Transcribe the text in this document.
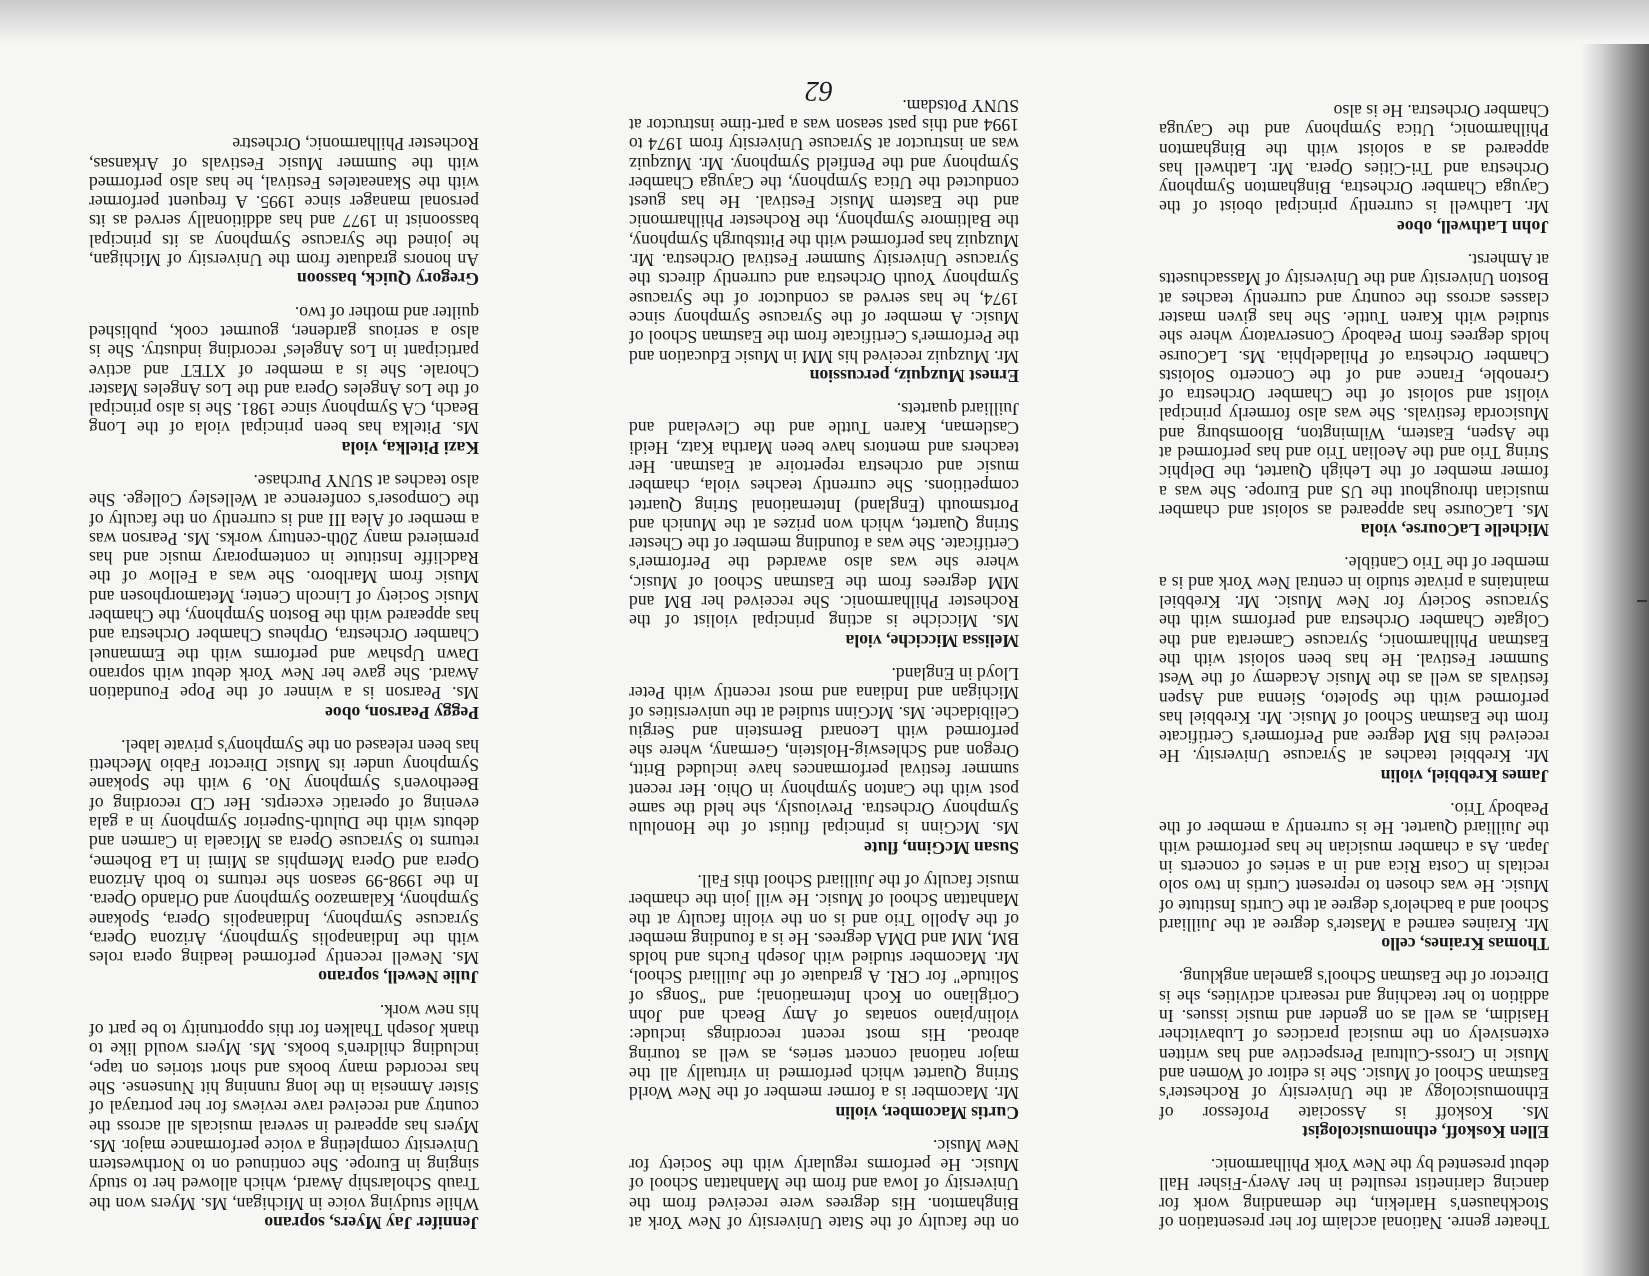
Theater genre. National acclaim for her presentation of Stockhausen's Harlekin, the demanding work for dancing clarinetist resulted in her Avery-Fisher Hall debut presented by the New York Philharmonic.

Ellen Koskoff, ethnomusicologist

Ms. Koskoff is Associate Professor of Ethnomusicology at the University of Rochester's Eastman School of Music. She is editor of Women and Music in Cross-Cultural Perspective and has written extensively on the musical practices of Lubavitcher Hasidim, as well as on gender and music issues. In addition to her teaching and research activities, she is Director of the Eastman School's gamelan angklung.

Thomas Kraines, cello

Mr. Kraines earned a Master's degree at the Juilliard School and a bachelor's degree at the Curtis Institute of Music. He was chosen to represent Curtis in two solo recitals in Costa Rica and in a series of concerts in Japan. As a chamber musician he has performed with the Juilliard Quartet. He is currently a member of the Peabody Trio.

James Krebbiel, violin

Mr. Krebbiel teaches at Syracuse University. He received his BM degree and Performer's Certificate from the Eastman School of Music. Mr. Krebbiel has performed with the Spoleto, Sienna and Aspen festivals as well as the Music Academy of the West Summer Festival. He has been soloist with the Eastman Philharmonic, Syracuse Camerata and the Colgate Chamber Orchestra and performs with the Syracuse Society for New Music. Mr. Krebbiel maintains a private studio in central New York and is a member of the Trio Cantible.

Michelle LaCourse, viola

Ms. LaCourse has appeared as soloist and chamber musician throughout the US and Europe. She was a former member of the Lehigh Quartet, the Delphic String Trio and the Aeolian Trio and has performed at the Aspen, Eastern, Wilmington, Bloomsburg and Musicorda festivals. She was also formerly principal violist and soloist of the Chamber Orchestra of Grenoble, France and of the Concerto Soloists Chamber Orchestra of Philadelphia. Ms. LaCourse holds degrees from Peabody Conservatory where she studied with Karen Tuttle. She has given master classes across the country and currently teaches at Boston University and the University of Massachusetts at Amherst.

John Lathwell, oboe

Mr. Lathwell is currently principal oboist of the Cayuga Chamber Orchestra, Binghamton Symphony Orchestra and Tri-Cities Opera. Mr. Lathwell has appeared as a soloist with the Binghamton Philharmonic, Utica Symphony and the Cayuga Chamber Orchestra. He is also

on the faculty of the State University of New York at Binghamton. His degrees were received from the University of Iowa and from the Manhattan School of Music. He performs regularly with the Society for New Music.

Curtis Macomber, violin

Mr. Macomber is a former member of the New World String Quartet which performed in virtually all the major national concert series, as well as touring abroad. His most recent recordings include: violin/piano sonatas of Amy Beach and John Corigliano on Koch International; and "Songs of Solitude" for CRI. A graduate of the Juilliard School, Mr. Macomber studied with Joseph Fuchs and holds BM, MM and DMA degrees. He is a founding member of the Apollo Trio and is on the violin faculty at the Manhattan School of Music. He will join the chamber music faculty of the Juilliard School this Fall.

Susan McGinn, flute

Ms. McGinn is principal flutist of the Honolulu Symphony Orchestra. Previously, she held the same post with the Canton Symphony in Ohio. Her recent summer festival performances have included Britt, Oregon and Schleswig-Holstein, Germany, where she performed with Leonard Bernstein and Sergiu Celibidache. Ms. McGinn studied at the universities of Michigan and Indiana and most recently with Peter Lloyd in England.

Melissa Micciche, viola

Ms. Micciche is acting principal violist of the Rochester Philharmonic. She received her BM and MM degrees from the Eastman School of Music, where she was also awarded the Performer's Certificate. She was a founding member of the Chester String Quartet, which won prizes at the Munich and Portsmouth (England) International String Quartet competitions. She currently teaches viola, chamber music and orchestra repertoire at Eastman. Her teachers and mentors have been Martha Katz, Heidi Castleman, Karen Tuttle and the Cleveland and Juilliard quartets.

Ernest Muzquiz, percussion

Mr. Muzquiz received his MM in Music Education and the Performer's Certificate from the Eastman School of Music. A member of the Syracuse Symphony since 1974, he has served as conductor of the Syracuse Symphony Youth Orchestra and currently directs the Syracuse University Summer Festival Orchestra. Mr. Muzquiz has performed with the Pittsburgh Symphony, the Baltimore Symphony, the Rochester Philharmonic and the Eastern Music Festival. He has guest conducted the Utica Symphony, the Cayuga Chamber Symphony and the Penfield Symphony. Mr. Muzquiz was an instructor at Syracuse University from 1974 to 1994 and this past season was a part-time instructor at SUNY Potsdam.

Jennifer Jay Myers, soprano

While studying voice in Michigan, Ms. Myers won the Traub Scholarship Award, which allowed her to study singing in Europe. She continued on to Northwestern University completing a voice performance major. Ms. Myers has appeared in several musicals all across the country and received rave reviews for her portrayal of Sister Amnesia in the long running hit Nunsense. She has recorded many books and short stories on tape, including children's books. Ms. Myers would like to thank Joseph Thalken for this opportunity to be part of his new work.

Julie Newell, soprano

Ms. Newell recently performed leading opera roles with the Indianapolis Symphony, Arizona Opera, Syracuse Symphony, Indianapolis Opera, Spokane Symphony, Kalamazoo Symphony and Orlando Opera. In the 1998-99 season she returns to both Arizona Opera and Opera Memphis as Mimi in La Boheme, returns to Syracuse Opera as Micaela in Carmen and debuts with the Duluth-Superior Symphony in a gala evening of operatic excerpts. Her CD recording of Beethoven's Symphony No. 9 with the Spokane Symphony under its Music Director Fabio Mechetti has been released on the Symphony's private label.

Peggy Pearson, oboe

Ms. Pearson is a winner of the Pope Foundation Award. She gave her New York debut with soprano Dawn Upshaw and performs with the Emmanuel Chamber Orchestra, Orpheus Chamber Orchestra and has appeared with the Boston Symphony, the Chamber Music Society of Lincoln Center, Metamorphosen and Music from Marlboro. She was a Fellow of the Radcliffe Institute in contemporary music and has premiered many 20th-century works. Ms. Pearson was a member of Alea III and is currently on the faculty of the Composer's conference at Wellesley College. She also teaches at SUNY Purchase.

Kazi Pitelka, viola

Ms. Pitelka has been principal viola of the Long Beach, CA Symphony since 1981. She is also principal of the Los Angeles Opera and the Los Angeles Master Chorale. She is a member of XTET and active participant in Los Angeles' recording industry. She is also a serious gardener, gourmet cook, published quilter and mother of two.

Gregory Quick, bassoon

An honors graduate from the University of Michigan, he joined the Syracuse Symphony as its principal bassoonist in 1977 and has additionally served as its personal manager since 1995. A frequent performer with the Skaneateles Festival, he has also performed with the Summer Music Festivals of Arkansas, Rochester Philharmonic, Orchestre

62
